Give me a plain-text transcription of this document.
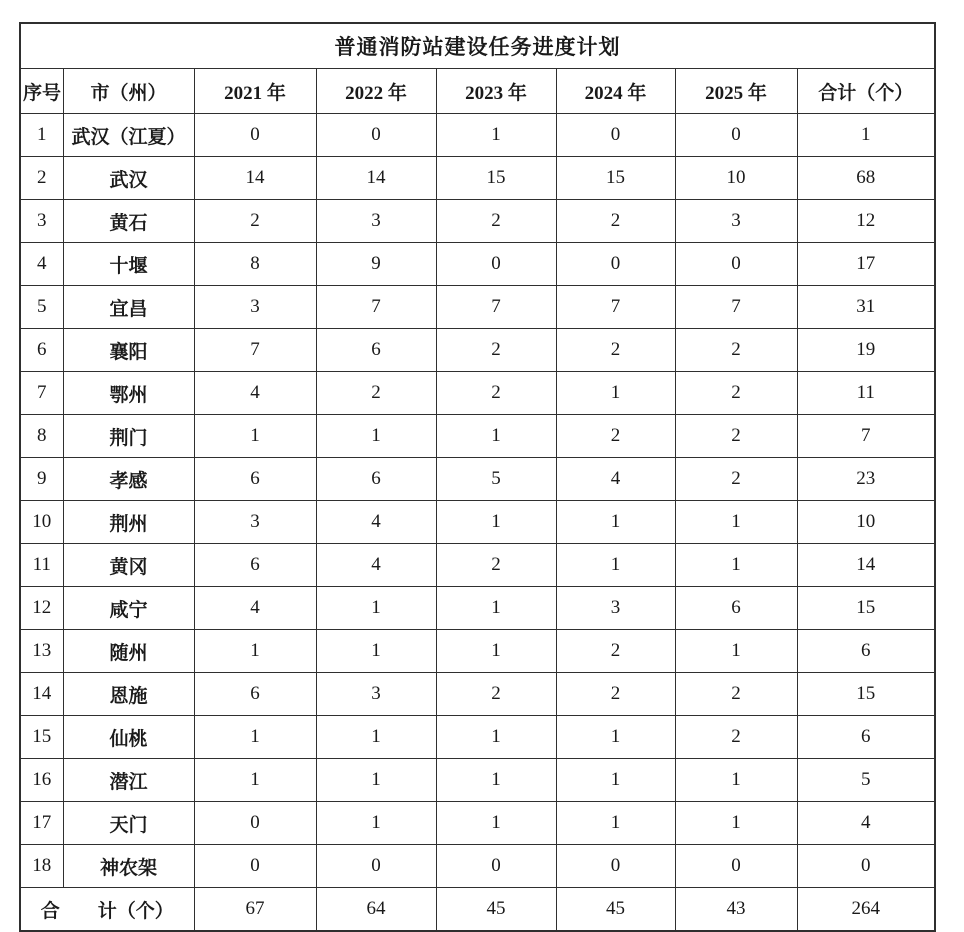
普通消防站建设任务进度计划							
序号	市（州）	2021 年	2022 年	2023 年	2024 年	2025 年	合计（个）
1	武汉（江夏）	0	0	1	0	0	1
2	武汉	14	14	15	15	10	68
3	黄石	2	3	2	2	3	12
4	十堰	8	9	0	0	0	17
5	宜昌	3	7	7	7	7	31
6	襄阳	7	6	2	2	2	19
7	鄂州	4	2	2	1	2	11
8	荆门	1	1	1	2	2	7
9	孝感	6	6	5	4	2	23
10	荆州	3	4	1	1	1	10
11	黄冈	6	4	2	1	1	14
12	咸宁	4	1	1	3	6	15
13	随州	1	1	1	2	1	6
14	恩施	6	3	2	2	2	15
15	仙桃	1	1	1	1	2	6
16	潜江	1	1	1	1	1	5
17	天门	0	1	1	1	1	4
18	神农架	0	0	0	0	0	0
合　　计（个）		67	64	45	45	43	264
